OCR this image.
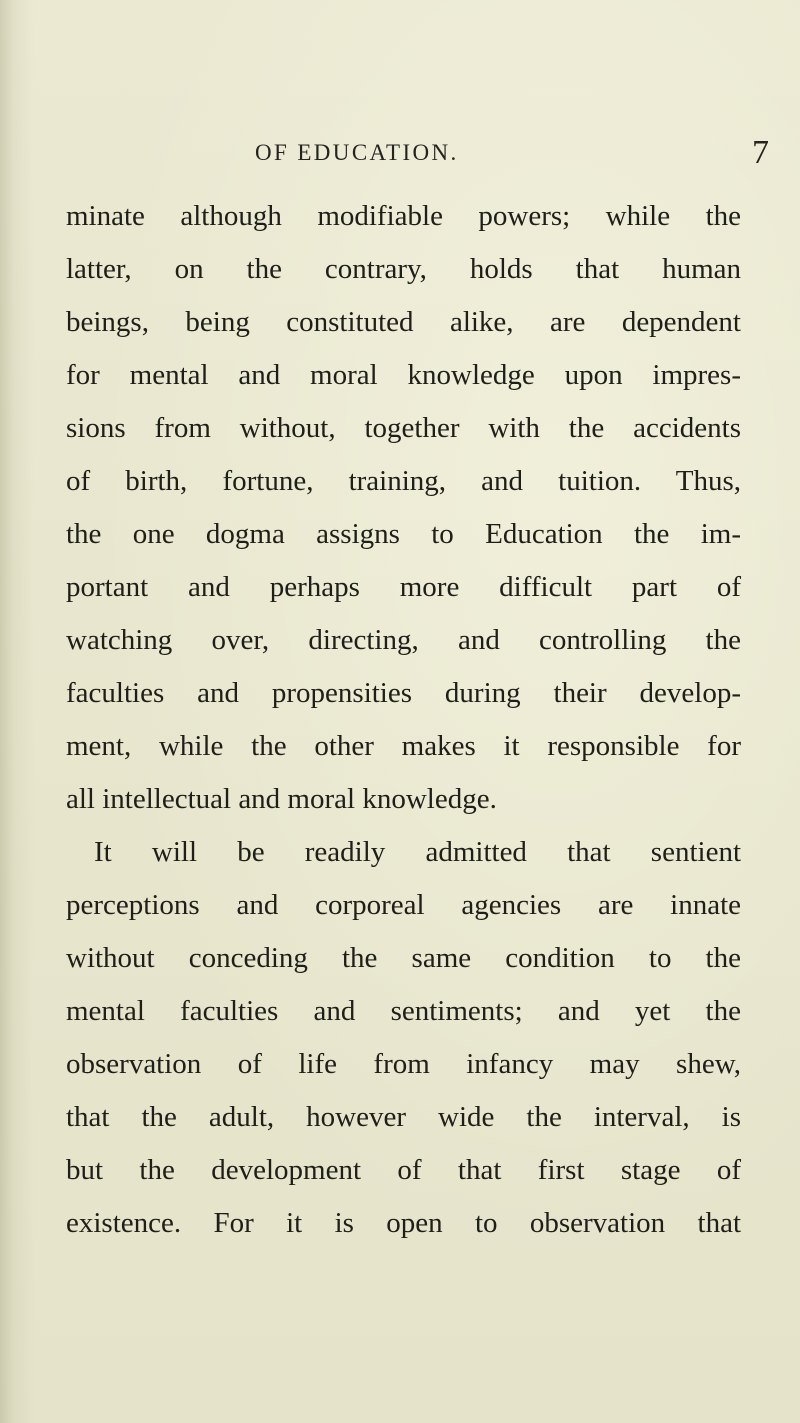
OF EDUCATION.	7
minate although modifiable powers; while the
latter, on the contrary, holds that human
beings, being constituted alike, are dependent
for mental and moral knowledge upon impres-
sions from without, together with the accidents
of birth, fortune, training, and tuition. Thus,
the one dogma assigns to Education the im-
portant and perhaps more difficult part of
watching over, directing, and controlling the
faculties and propensities during their develop-
ment, while the other makes it responsible for
all intellectual and moral knowledge.
It will be readily admitted that sentient
perceptions and corporeal agencies are innate
without conceding the same condition to the
mental faculties and sentiments; and yet the
observation of life from infancy may shew,
that the adult, however wide the interval, is
but the development of that first stage of
existence. For it is open to observation that
